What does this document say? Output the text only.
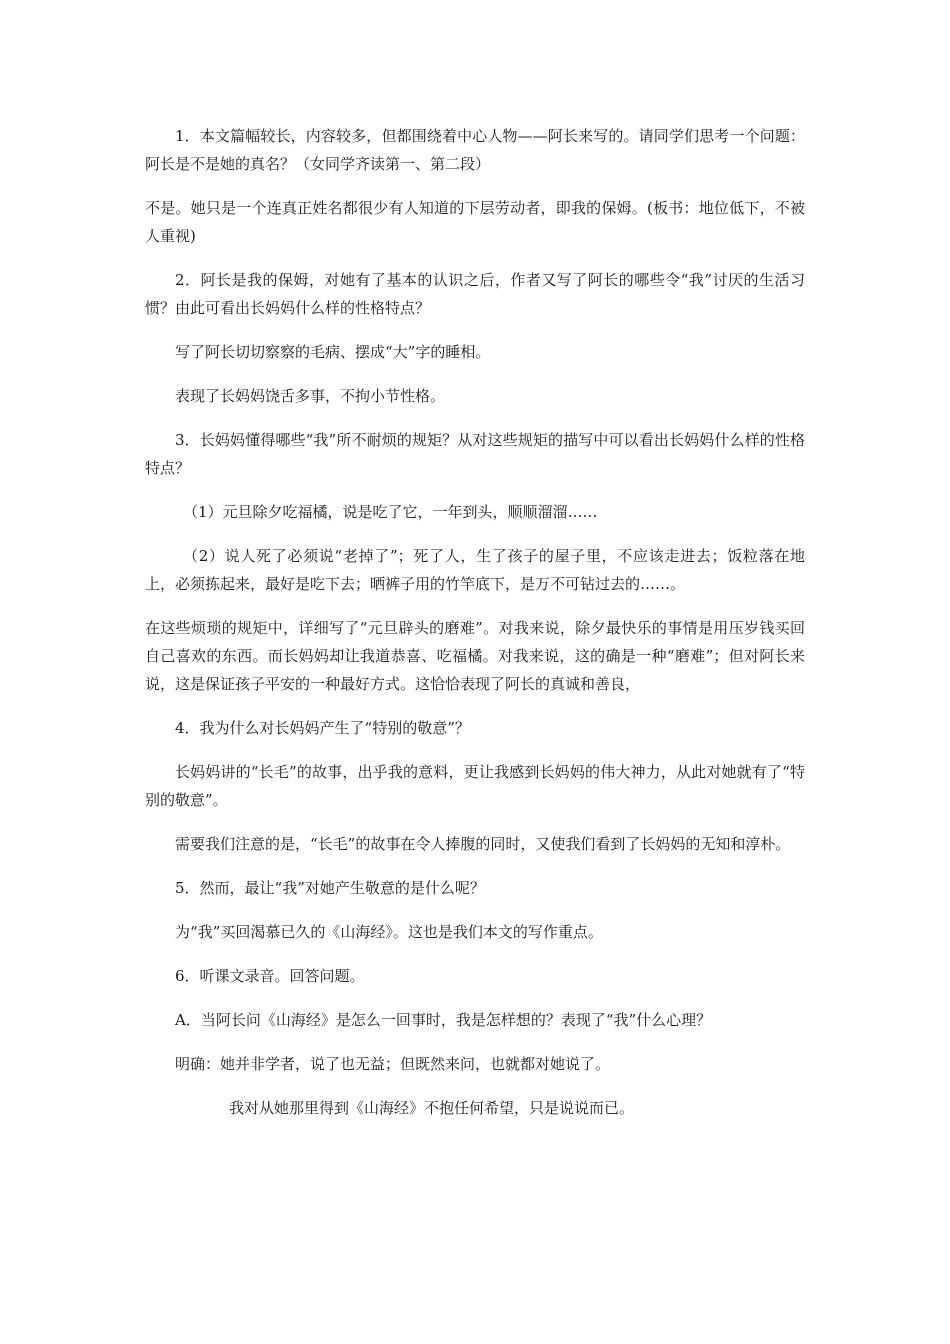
1．本文篇幅较长，内容较多，但都围绕着中心人物——阿长来写的。请同学们思考一个问题：阿长是不是她的真名？（女同学齐读第一、第二段）

不是。她只是一个连真正姓名都很少有人知道的下层劳动者，即我的保姆。(板书：地位低下，不被人重视)

2．阿长是我的保姆，对她有了基本的认识之后，作者又写了阿长的哪些令“我”讨厌的生活习惯？由此可看出长妈妈什么样的性格特点？

写了阿长切切察察的毛病、摆成“大”字的睡相。

表现了长妈妈饶舌多事，不拘小节性格。

3．长妈妈懂得哪些“我”所不耐烦的规矩？从对这些规矩的描写中可以看出长妈妈什么样的性格特点？

（1）元旦除夕吃福橘，说是吃了它，一年到头，顺顺溜溜……

（2）说人死了必须说“老掉了”；死了人，生了孩子的屋子里，不应该走进去；饭粒落在地上，必须拣起来，最好是吃下去；晒裤子用的竹竿底下，是万不可钻过去的……。

在这些烦琐的规矩中，详细写了“元旦辟头的磨难”。对我来说，除夕最快乐的事情是用压岁钱买回自己喜欢的东西。而长妈妈却让我道恭喜、吃福橘。对我来说，这的确是一种“磨难”；但对阿长来说，这是保证孩子平安的一种最好方式。这恰恰表现了阿长的真诚和善良，

4．我为什么对长妈妈产生了“特别的敬意”？

长妈妈讲的“长毛”的故事，出乎我的意料，更让我感到长妈妈的伟大神力，从此对她就有了“特别的敬意”。

需要我们注意的是，“长毛”的故事在令人捧腹的同时，又使我们看到了长妈妈的无知和淳朴。

5．然而，最让“我”对她产生敬意的是什么呢？

为“我”买回渴慕已久的《山海经》。这也是我们本文的写作重点。

6．听课文录音。回答问题。

A．当阿长问《山海经》是怎么一回事时，我是怎样想的？表现了“我”什么心理？

明确：她并非学者，说了也无益；但既然来问，也就都对她说了。

我对从她那里得到《山海经》不抱任何希望，只是说说而已。
